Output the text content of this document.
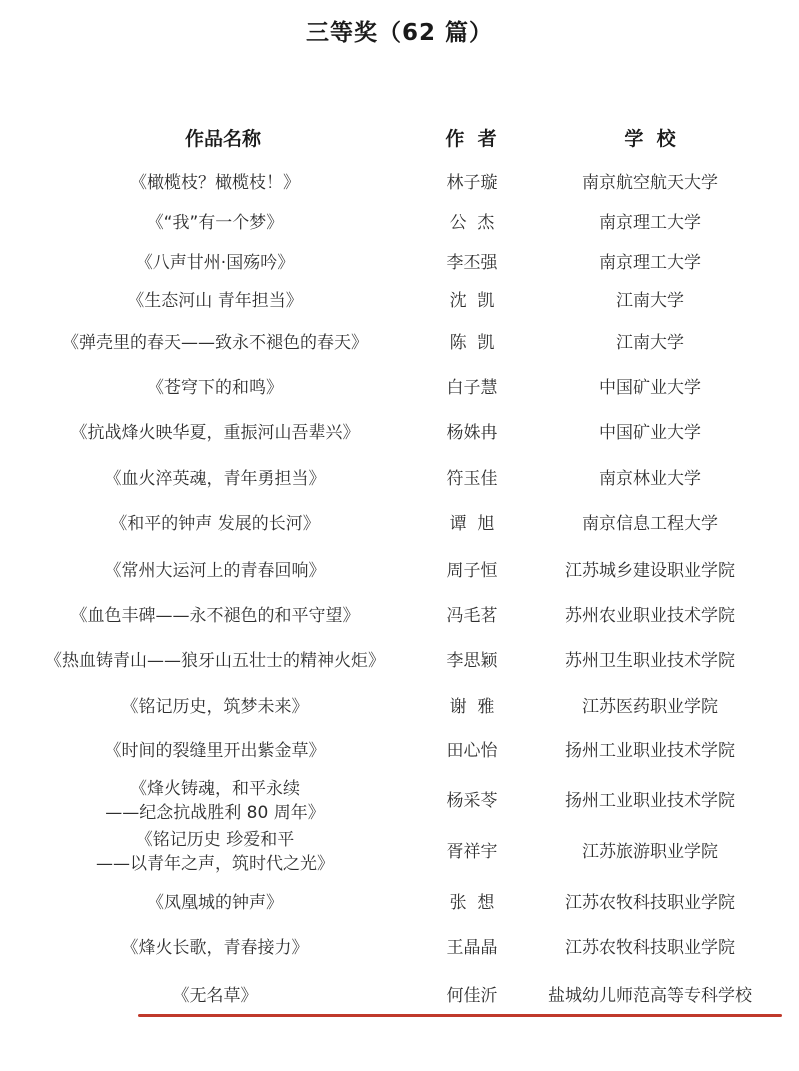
三等奖（62 篇）
作品名称	作  者	学  校
《橄榄枝？橄榄枝！》	林子璇	南京航空航天大学
《“我”有一个梦》	公  杰	南京理工大学
《八声甘州·国殇吟》	李丕强	南京理工大学
《生态河山 青年担当》	沈  凯	江南大学
《弹壳里的春天——致永不褪色的春天》	陈  凯	江南大学
《苍穹下的和鸣》	白子慧	中国矿业大学
《抗战烽火映华夏，重振河山吾辈兴》	杨姝冉	中国矿业大学
《血火淬英魂，青年勇担当》	符玉佳	南京林业大学
《和平的钟声 发展的长河》	谭  旭	南京信息工程大学
《常州大运河上的青春回响》	周子恒	江苏城乡建设职业学院
《血色丰碑——永不褪色的和平守望》	冯毛茗	苏州农业职业技术学院
《热血铸青山——狼牙山五壮士的精神火炬》	李思颖	苏州卫生职业技术学院
《铭记历史，筑梦未来》	谢  雅	江苏医药职业学院
《时间的裂缝里开出紫金草》	田心怡	扬州工业职业技术学院
《烽火铸魂，和平永续
——纪念抗战胜利 80 周年》
杨采苓	扬州工业职业技术学院
《铭记历史 珍爱和平
——以青年之声，筑时代之光》
胥祥宇	江苏旅游职业学院
《凤凰城的钟声》	张  想	江苏农牧科技职业学院
《烽火长歌，青春接力》	王晶晶	江苏农牧科技职业学院
《无名草》	何佳沂	盐城幼儿师范高等专科学校
